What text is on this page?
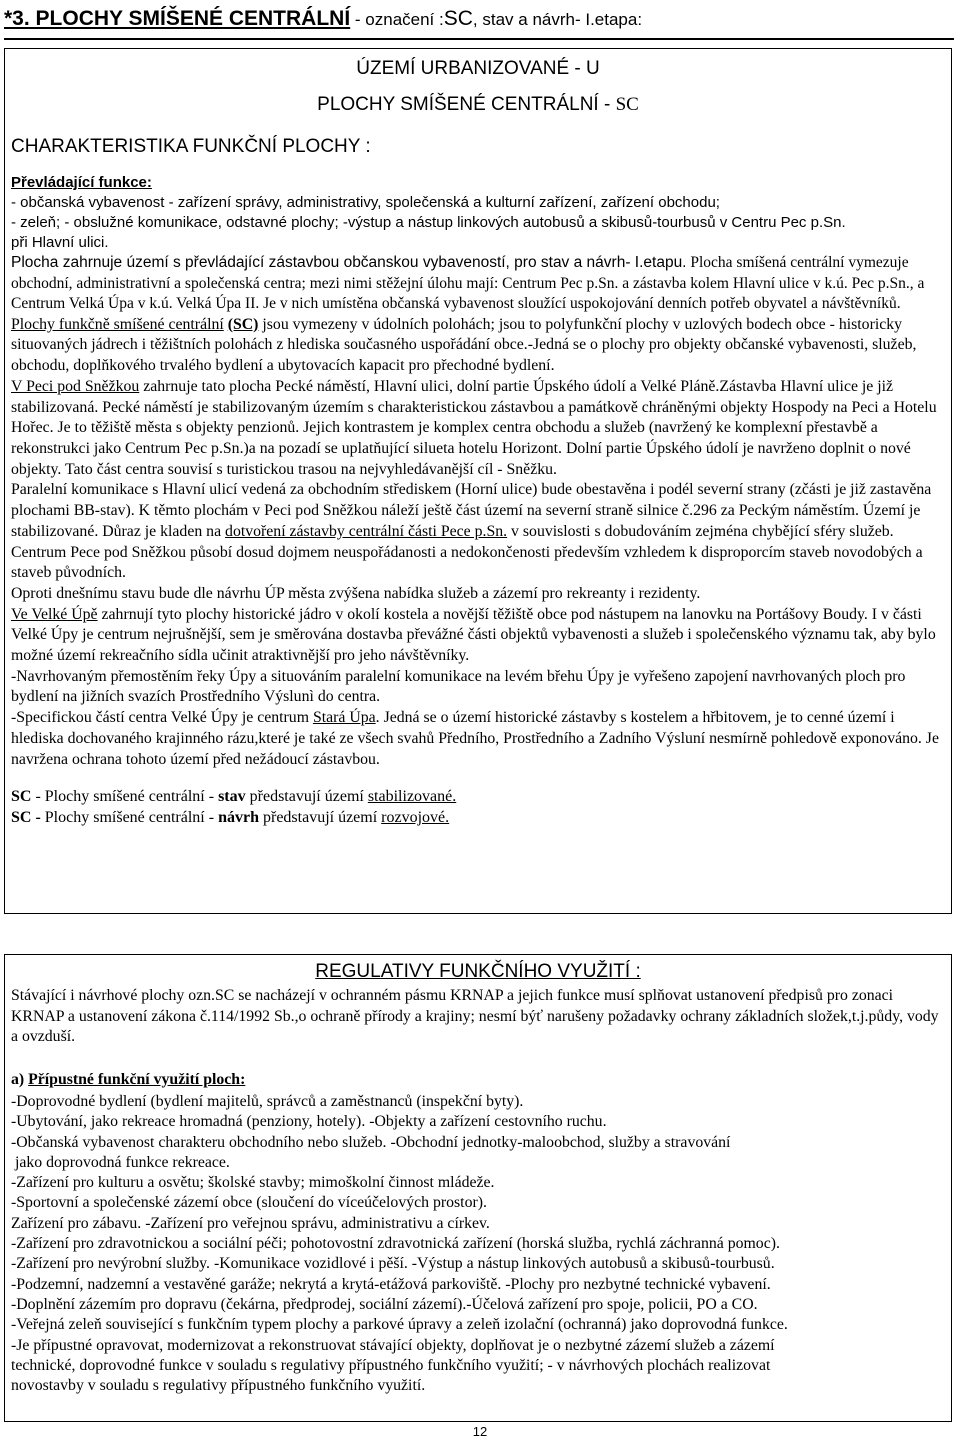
*3. PLOCHY SMÍŠENÉ CENTRÁLNÍ - označení :SC, stav a návrh- I.etapa:
ÚZEMÍ URBANIZOVANÉ - U
PLOCHY SMÍŠENÉ CENTRÁLNÍ - SC
CHARAKTERISTIKA FUNKČNÍ PLOCHY :
Převládající funkce:
- občanská vybavenost - zařízení správy, administrativy, společenská a kulturní zařízení, zařízení obchodu;
- zeleň; - obslužné komunikace, odstavné plochy; -výstup a nástup linkových autobusů a skibusů-tourbusů v Centru Pec p.Sn.
při Hlavní ulici.
Plocha zahrnuje území s převládající zástavbou občanskou vybaveností, pro stav a návrh- I.etapu. Plocha smíšená centrální vymezuje obchodní, administrativní a společenská centra; mezi nimi stěžejní úlohu mají: Centrum Pec p.Sn. a zástavba kolem Hlavní ulice v k.ú. Pec p.Sn., a Centrum Velká Úpa v k.ú. Velká Úpa II. Je v nich umístěna občanská vybavenost sloužící uspokojování denních potřeb obyvatel a návštěvníků.
Plochy funkčně smíšené centrální (SC) jsou vymezeny v údolních polohách; jsou to polyfunkční plochy v uzlových bodech obce - historicky situovaných jádrech i těžištních polohách z hlediska současného uspořádání obce.-Jedná se o plochy pro objekty občanské vybavenosti, služeb, obchodu, doplňkového trvalého bydlení a ubytovacích kapacit pro přechodné bydlení.
V Peci pod Sněžkou zahrnuje tato plocha Pecké náměstí, Hlavní ulici, dolní partie Úpského údolí a Velké Pláně.Zástavba Hlavní ulice je již stabilizovaná. Pecké náměstí je stabilizovaným územím s charakteristickou zástavbou a památkově chráněnými objekty Hospody na Peci a Hotelu Hořec. Je to těžiště města s objekty penzionů. Jejich kontrastem je komplex centra obchodu a služeb (navržený ke komplexní přestavbě a rekonstrukci jako Centrum Pec p.Sn.)a na pozadí se uplatňující silueta hotelu Horizont. Dolní partie Úpského údolí je navrženo doplnit o nové objekty. Tato část centra souvisí s turistickou trasou na nejvyhledávanější cíl - Sněžku.
Paralelní komunikace s Hlavní ulicí vedená za obchodním střediskem (Horní ulice) bude obestavěna i podél severní strany (zčásti je již zastavěna plochami BB-stav). K těmto plochám v Peci pod Sněžkou náleží ještě část území na severní straně silnice č.296 za Peckým náměstím. Území je stabilizované. Důraz je kladen na dotvoření zástavby centrální části Pece p.Sn. v souvislosti s dobudováním zejména chybějící sféry služeb. Centrum Pece pod Sněžkou působí dosud dojmem neuspořádanosti a nedokončenosti především vzhledem k disproporcím staveb novodobých a staveb původních.
Oproti dnešnímu stavu bude dle návrhu ÚP města zvýšena nabídka služeb a zázemí pro rekreanty i rezidenty.
Ve Velké Úpě zahrnují tyto plochy historické jádro v okolí kostela a novější těžiště obce pod nástupem na lanovku na Portášovy Boudy. I v části Velké Úpy je centrum nejrušnější, sem je směrována dostavba převážné části objektů vybavenosti a služeb i společenského významu tak, aby bylo možné území rekreačního sídla učinit atraktivnější pro jeho návštěvníky.
-Navrhovaným přemostěním řeky Úpy a situováním paralelní komunikace na levém břehu Úpy je vyřešeno zapojení navrhovaných ploch pro bydlení na jižních svazích Prostředního Výslunì do centra.
-Specifickou částí centra Velké Úpy je centrum Stará Úpa. Jedná se o území historické zástavby s kostelem a hřbitovem, je to cenné území i hlediska dochovaného krajinného rázu,které je také ze všech svahů Předního, Prostředního a Zadního Výsluní nesmírně pohledově exponováno. Je navržena ochrana tohoto území před nežádoucí zástavbou.
SC - Plochy smíšené centrální - stav představují území stabilizované.
SC - Plochy smíšené centrální - návrh představují území rozvojové.
REGULATIVY FUNKČNÍHO VYUŽITÍ :
Stávající i návrhové plochy ozn.SC se nacházejí v ochranném pásmu KRNAP a jejich funkce musí splňovat ustanovení předpisů pro zonaci KRNAP a ustanovení zákona č.114/1992 Sb.,o ochraně přírody a krajiny; nesmí býť narušeny požadavky ochrany základních složek,t.j.půdy, vody a ovzduší.
a) Přípustné funkční využití ploch:
-Doprovodné bydlení (bydlení majitelů, správců a zaměstnanců (inspekční byty).
-Ubytování, jako rekreace hromadná (penziony, hotely). -Objekty a zařízení cestovního ruchu.
-Občanská vybavenost charakteru obchodního nebo služeb. -Obchodní jednotky-maloobchod, služby a stravování
jako doprovodná funkce rekreace.
-Zařízení pro kulturu a osvětu; školské stavby; mimoškolní činnost mládeže.
-Sportovní a společenské zázemí obce (sloučení do víceúčelových prostor).
Zařízení pro zábavu. -Zařízení pro veřejnou správu, administrativu a církev.
-Zařízení pro zdravotnickou a sociální péči; pohotovostní zdravotnická zařízení (horská služba, rychlá záchranná pomoc).
-Zařízení pro nevýrobní služby. -Komunikace vozidlové i pěší. -Výstup a nástup linkových autobusů a skibusů-tourbusů.
-Podzemní, nadzemní a vestavěné garáže; nekrytá a krytá-etážová parkoviště. -Plochy pro nezbytné technické vybavení.
-Doplnění zázemím pro dopravu (čekárna, předprodej, sociální zázemí).-Účelová zařízení pro spoje, policii, PO a CO.
-Veřejná zeleň související s funkčním typem plochy a parkové úpravy a zeleň izolační (ochranná) jako doprovodná funkce.
-Je přípustné opravovat, modernizovat a rekonstruovat stávající objekty, doplňovat je o nezbytné zázemí služeb a zázemí
technické, doprovodné funkce v souladu s regulativy přípustného funkčního využití; - v návrhových plochách realizovat
novostavby v souladu s regulativy přípustného funkčního využití.
12
